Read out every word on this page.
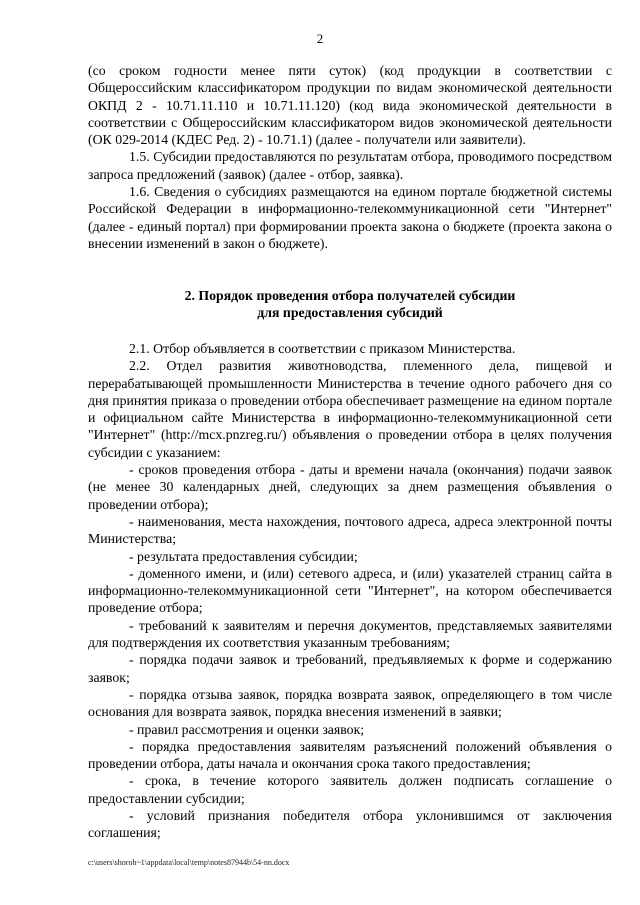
2

(со сроком годности менее пяти суток) (код продукции в соответствии с Общероссийским классификатором продукции по видам экономической деятельности ОКПД 2 - 10.71.11.110 и 10.71.11.120) (код вида экономической деятельности в соответствии с Общероссийским классификатором видов экономической деятельности (ОК 029-2014 (КДЕС Ред. 2) - 10.71.1) (далее - получатели или заявители).

1.5. Субсидии предоставляются по результатам отбора, проводимого посредством запроса предложений (заявок) (далее - отбор, заявка).

1.6. Сведения о субсидиях размещаются на едином портале бюджетной системы Российской Федерации в информационно-телекоммуникационной сети "Интернет" (далее - единый портал) при формировании проекта закона о бюджете (проекта закона о внесении изменений в закон о бюджете).

2. Порядок проведения отбора получателей субсидии
для предоставления субсидий

2.1. Отбор объявляется в соответствии с приказом Министерства.

2.2. Отдел развития животноводства, племенного дела, пищевой и перерабатывающей промышленности Министерства в течение одного рабочего дня со дня принятия приказа о проведении отбора обеспечивает размещение на едином портале и официальном сайте Министерства в информационно-телекоммуникационной сети "Интернет" (http://mcx.pnzreg.ru/) объявления о проведении отбора в целях получения субсидии с указанием:

- сроков проведения отбора - даты и времени начала (окончания) подачи заявок (не менее 30 календарных дней, следующих за днем размещения объявления о проведении отбора);

- наименования, места нахождения, почтового адреса, адреса электронной почты Министерства;

- результата предоставления субсидии;

- доменного имени, и (или) сетевого адреса, и (или) указателей страниц сайта в информационно-телекоммуникационной сети "Интернет", на котором обеспечивается проведение отбора;

- требований к заявителям и перечня документов, представляемых заявителями для подтверждения их соответствия указанным требованиям;

- порядка подачи заявок и требований, предъявляемых к форме и содержанию заявок;

- порядка отзыва заявок, порядка возврата заявок, определяющего в том числе основания для возврата заявок, порядка внесения изменений в заявки;

- правил рассмотрения и оценки заявок;

- порядка предоставления заявителям разъяснений положений объявления о проведении отбора, даты начала и окончания срока такого предоставления;

- срока, в течение которого заявитель должен подписать соглашение о предоставлении субсидии;

- условий признания победителя отбора уклонившимся от заключения соглашения;

c:\users\shoroh~1\appdata\local\temp\notes87944b\54-nn.docx
